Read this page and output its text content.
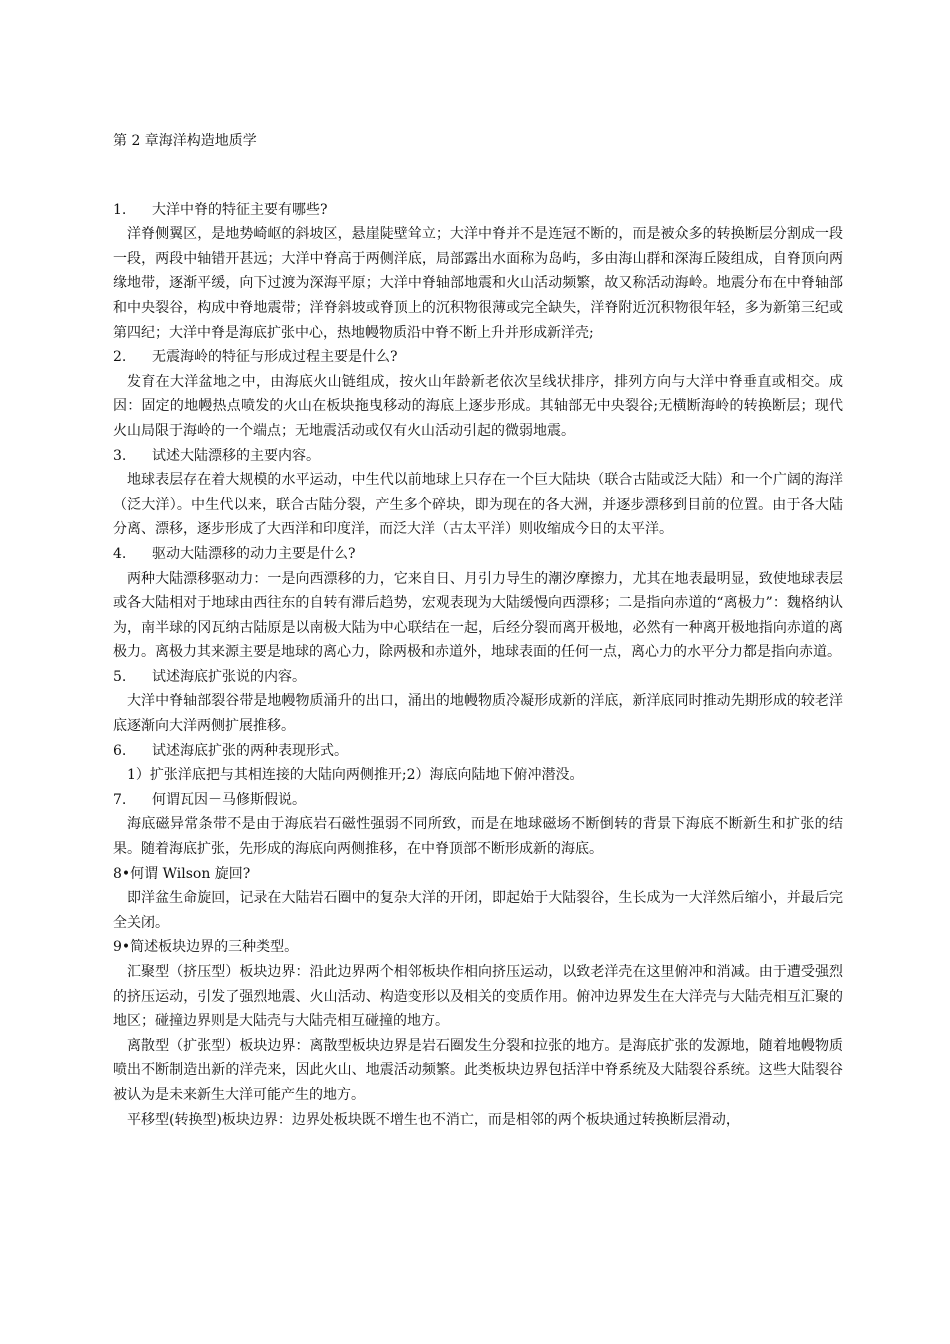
第 2 章海洋构造地质学
1.	大洋中脊的特征主要有哪些?

洋脊侧翼区，是地势崎岖的斜坡区，悬崖陡壁耸立；大洋中脊并不是连冠不断的，而是被众多的转换断层分割成一段一段，两段中轴错开甚远；大洋中脊高于两侧洋底，局部露出水面称为岛屿，多由海山群和深海丘陵组成，自脊顶向两缘地带，逐渐平缓，向下过渡为深海平原；大洋中脊轴部地震和火山活动频繁，故又称活动海岭。地震分布在中脊轴部和中央裂谷，构成中脊地震带；洋脊斜坡或脊顶上的沉积物很薄或完全缺失，洋脊附近沉积物很年轻，多为新第三纪或第四纪；大洋中脊是海底扩张中心，热地幔物质沿中脊不断上升并形成新洋壳;

2.	无震海岭的特征与形成过程主要是什么?

发育在大洋盆地之中，由海底火山链组成，按火山年龄新老依次呈线状排序，排列方向与大洋中脊垂直或相交。成因：固定的地幔热点喷发的火山在板块拖曳移动的海底上逐步形成。其轴部无中央裂谷;无横断海岭的转换断层；现代火山局限于海岭的一个端点；无地震活动或仅有火山活动引起的微弱地震。

3.	试述大陆漂移的主要内容。

地球表层存在着大规模的水平运动，中生代以前地球上只存在一个巨大陆块（联合古陆或泛大陆）和一个广阔的海洋（泛大洋）。中生代以来，联合古陆分裂，产生多个碎块，即为现在的各大洲，并逐步漂移到目前的位置。由于各大陆分离、漂移，逐步形成了大西洋和印度洋，而泛大洋（古太平洋）则收缩成今日的太平洋。

4.	驱动大陆漂移的动力主要是什么?

两种大陆漂移驱动力：一是向西漂移的力，它来自日、月引力导生的潮汐摩擦力，尤其在地表最明显，致使地球表层或各大陆相对于地球由西往东的自转有滞后趋势，宏观表现为大陆缓慢向西漂移；二是指向赤道的“离极力”：魏格纳认为，南半球的冈瓦纳古陆原是以南极大陆为中心联结在一起，后经分裂而离开极地，必然有一种离开极地指向赤道的离极力。离极力其来源主要是地球的离心力，除两极和赤道外，地球表面的任何一点，离心力的水平分力都是指向赤道。

5.	试述海底扩张说的内容。

大洋中脊轴部裂谷带是地幔物质涌升的出口，涌出的地幔物质冷凝形成新的洋底，新洋底同时推动先期形成的较老洋底逐渐向大洋两侧扩展推移。

6.	试述海底扩张的两种表现形式。

1）扩张洋底把与其相连接的大陆向两侧推开;2）海底向陆地下俯冲潜没。

7.	何谓瓦因－马修斯假说。

海底磁异常条带不是由于海底岩石磁性强弱不同所致，而是在地球磁场不断倒转的背景下海底不断新生和扩张的结果。随着海底扩张，先形成的海底向两侧推移，在中脊顶部不断形成新的海底。

8• 何谓 Wilson 旋回?

即洋盆生命旋回，记录在大陆岩石圈中的复杂大洋的开闭，即起始于大陆裂谷，生长成为一大洋然后缩小，并最后完全关闭。

9• 简述板块边界的三种类型。

汇聚型（挤压型）板块边界：沿此边界两个相邻板块作相向挤压运动，以致老洋壳在这里俯冲和消减。由于遭受强烈的挤压运动，引发了强烈地震、火山活动、构造变形以及相关的变质作用。俯冲边界发生在大洋壳与大陆壳相互汇聚的地区；碰撞边界则是大陆壳与大陆壳相互碰撞的地方。

离散型（扩张型）板块边界：离散型板块边界是岩石圈发生分裂和拉张的地方。是海底扩张的发源地，随着地幔物质喷出不断制造出新的洋壳来，因此火山、地震活动频繁。此类板块边界包括洋中脊系统及大陆裂谷系统。这些大陆裂谷被认为是未来新生大洋可能产生的地方。

平移型(转换型)板块边界：边界处板块既不增生也不消亡，而是相邻的两个板块通过转换断层滑动，
